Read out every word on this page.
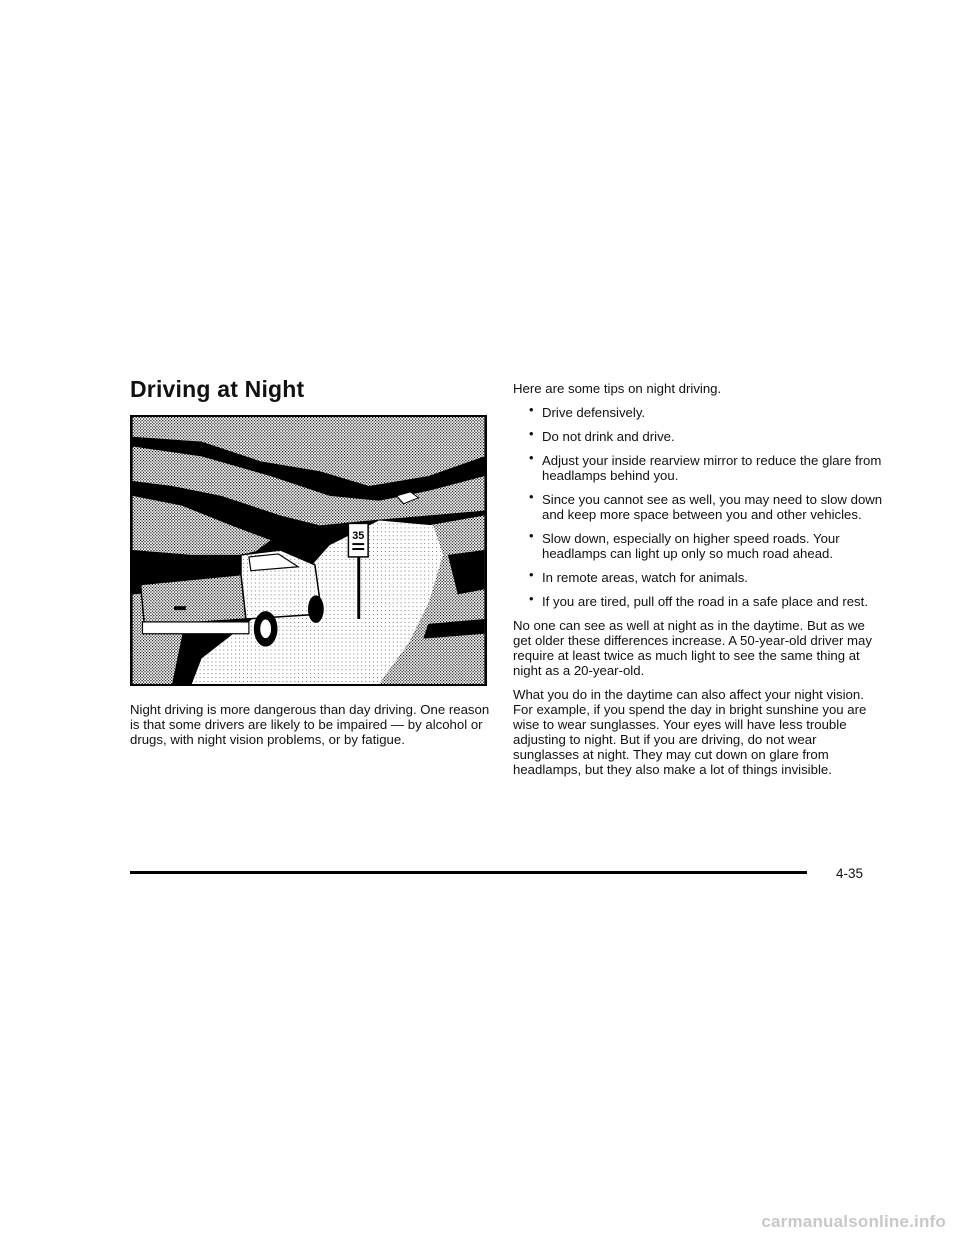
Driving at Night
35

Night driving is more dangerous than day driving. One reason is that some drivers are likely to be impaired — by alcohol or drugs, with night vision problems, or by fatigue.

Here are some tips on night driving.

• Drive defensively.
• Do not drink and drive.
• Adjust your inside rearview mirror to reduce the glare from headlamps behind you.
• Since you cannot see as well, you may need to slow down and keep more space between you and other vehicles.
• Slow down, especially on higher speed roads. Your headlamps can light up only so much road ahead.
• In remote areas, watch for animals.
• If you are tired, pull off the road in a safe place and rest.

No one can see as well at night as in the daytime. But as we get older these differences increase. A 50-year-old driver may require at least twice as much light to see the same thing at night as a 20-year-old.

What you do in the daytime can also affect your night vision. For example, if you spend the day in bright sunshine you are wise to wear sunglasses. Your eyes will have less trouble adjusting to night. But if you are driving, do not wear sunglasses at night. They may cut down on glare from headlamps, but they also make a lot of things invisible.

4-35
carmanualsonline.info
